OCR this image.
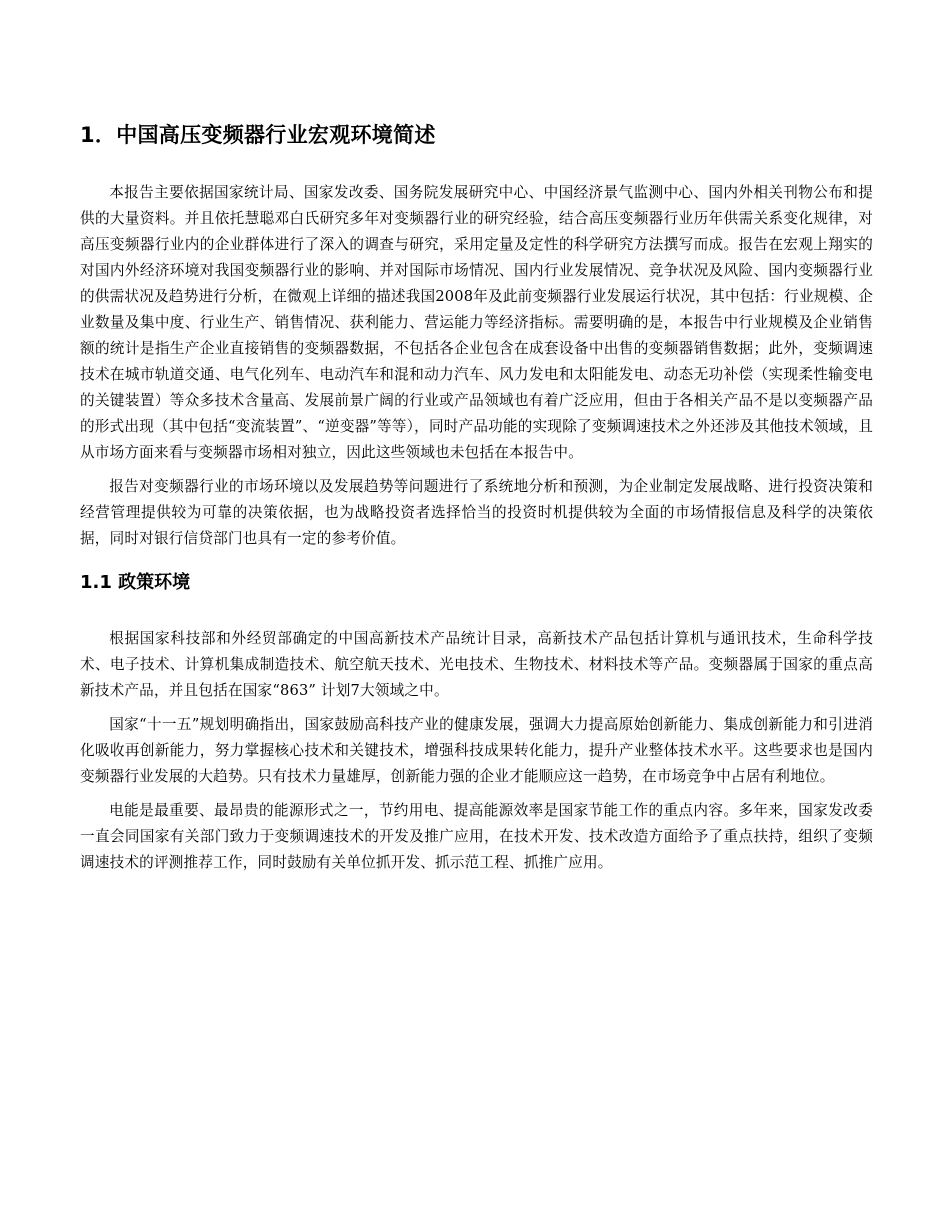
1．中国高压变频器行业宏观环境简述

本报告主要依据国家统计局、国家发改委、国务院发展研究中心、中国经济景气监测中心、国内外相关刊物公布和提供的大量资料。并且依托慧聪邓白氏研究多年对变频器行业的研究经验，结合高压变频器行业历年供需关系变化规律，对高压变频器行业内的企业群体进行了深入的调查与研究，采用定量及定性的科学研究方法撰写而成。报告在宏观上翔实的对国内外经济环境对我国变频器行业的影响、并对国际市场情况、国内行业发展情况、竞争状况及风险、国内变频器行业的供需状况及趋势进行分析，在微观上详细的描述我国2008年及此前变频器行业发展运行状况，其中包括：行业规模、企业数量及集中度、行业生产、销售情况、获利能力、营运能力等经济指标。需要明确的是，本报告中行业规模及企业销售额的统计是指生产企业直接销售的变频器数据，不包括各企业包含在成套设备中出售的变频器销售数据；此外，变频调速技术在城市轨道交通、电气化列车、电动汽车和混和动力汽车、风力发电和太阳能发电、动态无功补偿（实现柔性输变电的关键装置）等众多技术含量高、发展前景广阔的行业或产品领域也有着广泛应用，但由于各相关产品不是以变频器产品的形式出现（其中包括“变流装置”、“逆变器”等等），同时产品功能的实现除了变频调速技术之外还涉及其他技术领域，且从市场方面来看与变频器市场相对独立，因此这些领域也未包括在本报告中。

报告对变频器行业的市场环境以及发展趋势等问题进行了系统地分析和预测，为企业制定发展战略、进行投资决策和经营管理提供较为可靠的决策依据，也为战略投资者选择恰当的投资时机提供较为全面的市场情报信息及科学的决策依据，同时对银行信贷部门也具有一定的参考价值。

1.1 政策环境

根据国家科技部和外经贸部确定的中国高新技术产品统计目录，高新技术产品包括计算机与通讯技术，生命科学技术、电子技术、计算机集成制造技术、航空航天技术、光电技术、生物技术、材料技术等产品。变频器属于国家的重点高新技术产品，并且包括在国家“863” 计划7大领域之中。

国家“十一五”规划明确指出，国家鼓励高科技产业的健康发展，强调大力提高原始创新能力、集成创新能力和引进消化吸收再创新能力，努力掌握核心技术和关键技术，增强科技成果转化能力，提升产业整体技术水平。这些要求也是国内变频器行业发展的大趋势。只有技术力量雄厚，创新能力强的企业才能顺应这一趋势，在市场竞争中占居有利地位。

电能是最重要、最昂贵的能源形式之一，节约用电、提高能源效率是国家节能工作的重点内容。多年来，国家发改委一直会同国家有关部门致力于变频调速技术的开发及推广应用，在技术开发、技术改造方面给予了重点扶持，组织了变频调速技术的评测推荐工作，同时鼓励有关单位抓开发、抓示范工程、抓推广应用。
